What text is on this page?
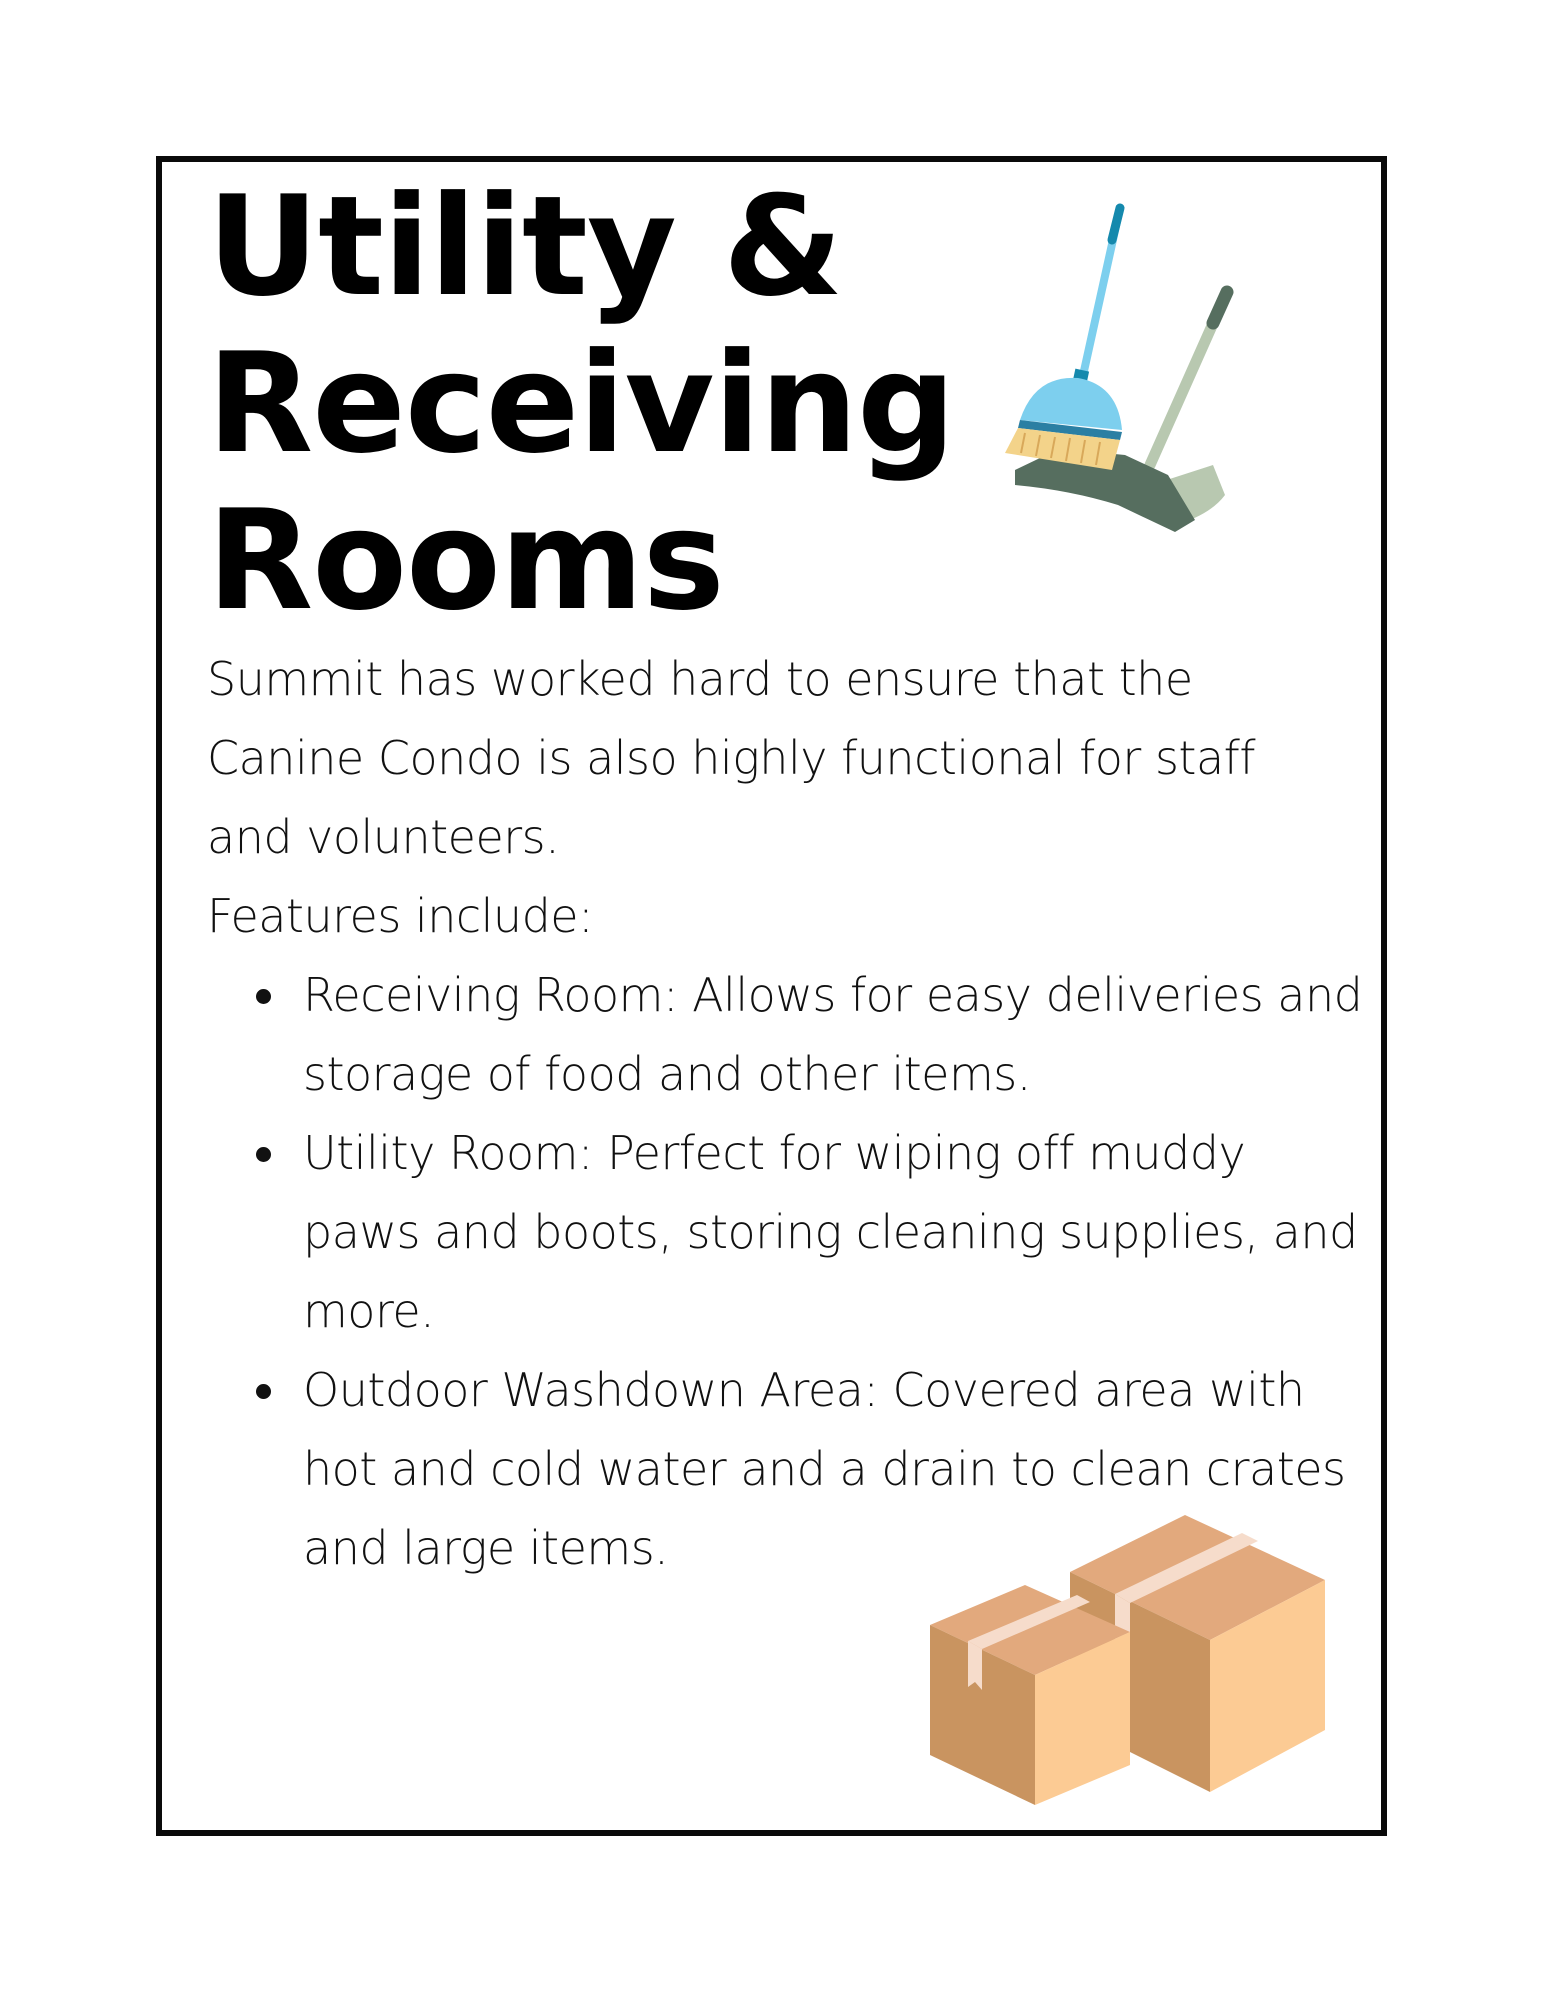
Utility &
Receiving
Rooms

Summit has worked hard to ensure that the Canine Condo is also highly functional for staff and volunteers.

Features include:

Receiving Room: Allows for easy deliveries and storage of food and other items.
Utility Room: Perfect for wiping off muddy paws and boots, storing cleaning supplies, and more.
Outdoor Washdown Area: Covered area with hot and cold water and a drain to clean crates and large items.
